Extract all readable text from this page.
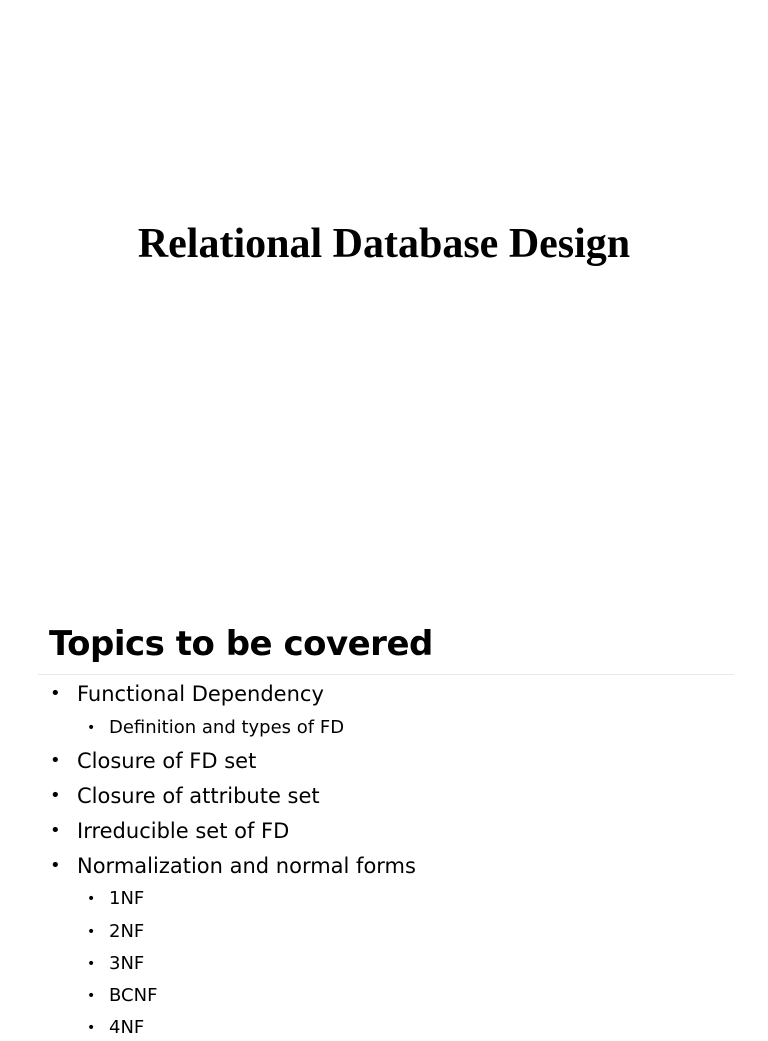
Relational Database Design
Topics to be covered
• Functional Dependency
• Definition and types of FD
• Closure of FD set
• Closure of attribute set
• Irreducible set of FD
• Normalization and normal forms
• 1NF
• 2NF
• 3NF
• BCNF
• 4NF
